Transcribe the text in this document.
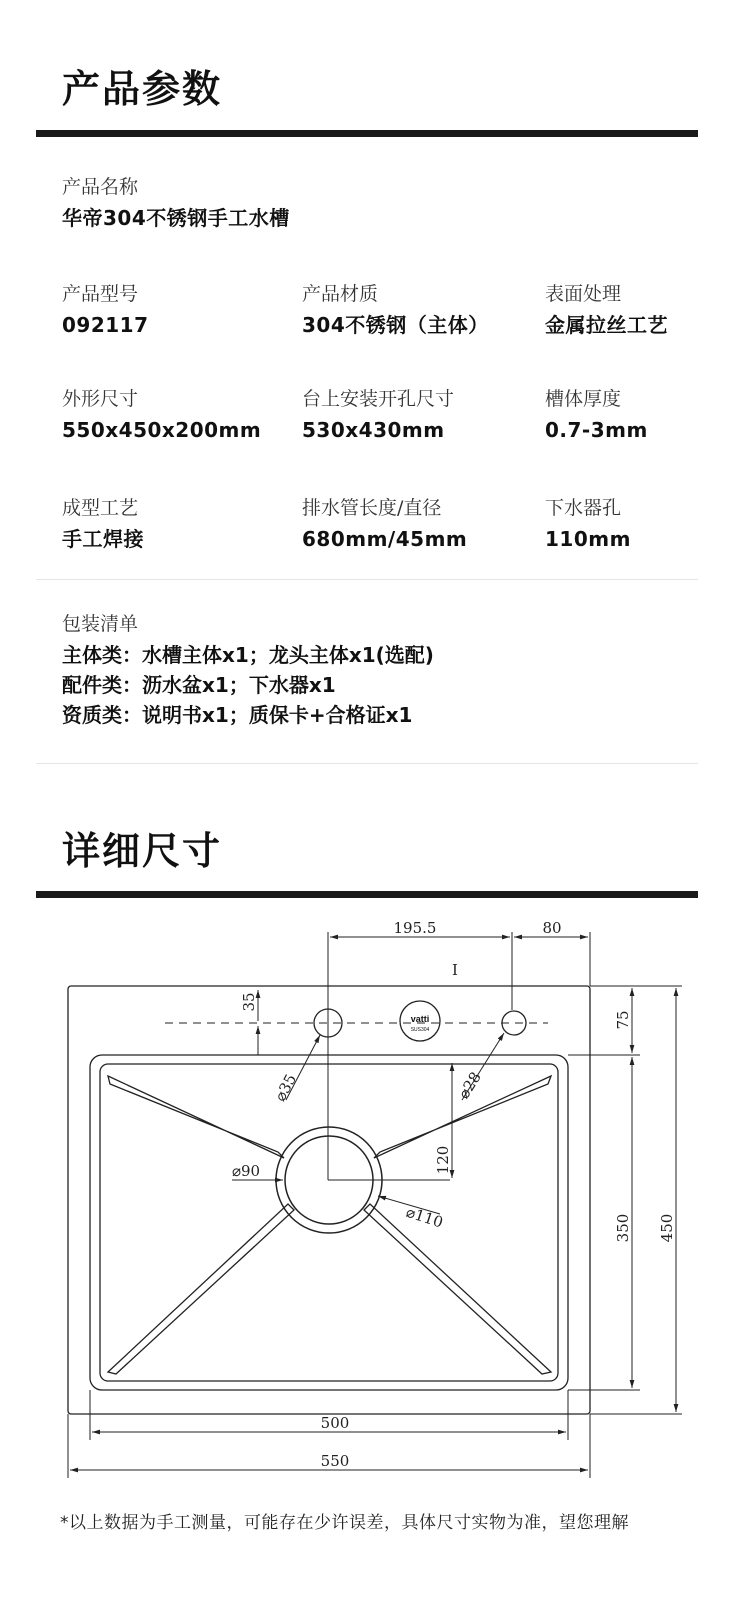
产品参数
产品名称
华帝304不锈钢手工水槽
产品型号
092117
产品材质
304不锈钢（主体）
表面处理
金属拉丝工艺
外形尺寸
550x450x200mm
台上安装开孔尺寸
530x430mm
槽体厚度
0.7-3mm
成型工艺
手工焊接
排水管长度/直径
680mm/45mm
下水器孔
110mm
包装清单
主体类：水槽主体x1；龙头主体x1(选配)
配件类：沥水盆x1；下水器x1
资质类：说明书x1；质保卡+合格证x1
详细尺寸
vatti
SUS304
195.5	80
I
35
75
⌀35	⌀28
120
⌀90
⌀110	350 450
500
550
*以上数据为手工测量，可能存在少许误差，具体尺寸实物为准，望您理解
